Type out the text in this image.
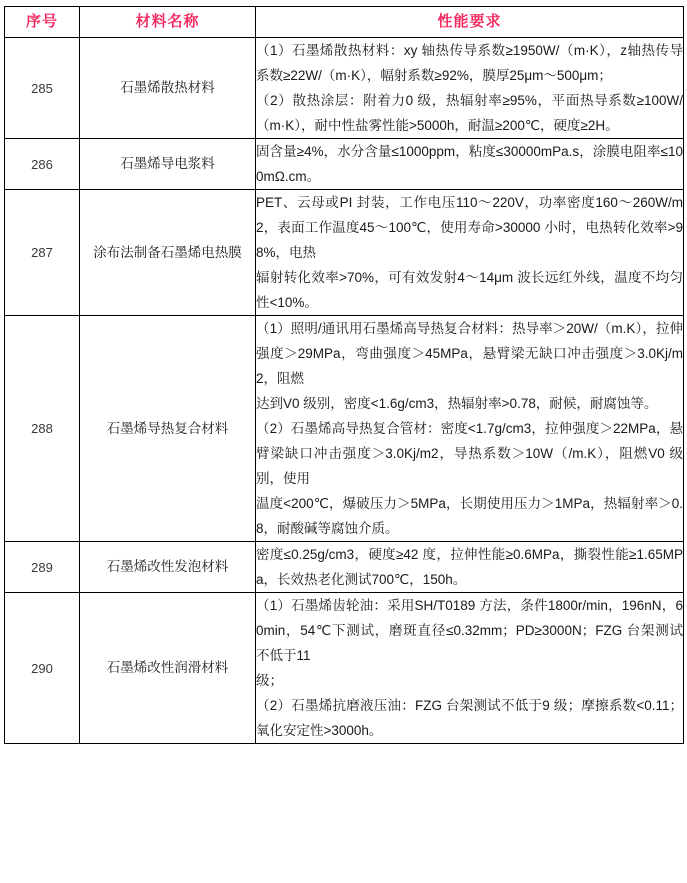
序号	材料名称	性能要求
285	石墨烯散热材料	（1）石墨烯散热材料：xy 轴热传导系数≥1950W/（m·K），z轴热传导系数≥22W/（m·K），幅射系数≥92%，膜厚25μm～500μm；

（2）散热涂层：附着力0 级，热辐射率≥95%，平面热导系数≥100W/（m·K），耐中性盐雾性能>5000h，耐温≥200℃，硬度≥2H。

286	石墨烯导电浆料	固含量≥4%，水分含量≤1000ppm，粘度≤30000mPa.s，涂膜电阻率≤100mΩ.cm。

287	涂布法制备石墨烯电热膜	PET、云母或PI 封装，工作电压110～220V，功率密度160～260W/m2，表面工作温度45～100℃，使用寿命>30000 小时，电热转化效率>98%，电热

辐射转化效率>70%，可有效发射4～14μm 波长远红外线，温度不均匀性<10%。

288	石墨烯导热复合材料	（1）照明/通讯用石墨烯高导热复合材料：热导率＞20W/（m.K），拉伸强度＞29MPa，弯曲强度＞45MPa，悬臂梁无缺口冲击强度＞3.0Kj/m2，阻燃

达到V0 级别，密度<1.6g/cm3，热辐射率>0.78，耐候，耐腐蚀等。

（2）石墨烯高导热复合管材：密度<1.7g/cm3，拉伸强度＞22MPa，悬臂梁缺口冲击强度＞3.0Kj/m2，导热系数＞10W（/m.K），阻燃V0 级别，使用

温度<200℃，爆破压力＞5MPa，长期使用压力＞1MPa，热辐射率＞0.8，耐酸碱等腐蚀介质。

289	石墨烯改性发泡材料	密度≤0.25g/cm3，硬度≥42 度，拉伸性能≥0.6MPa，撕裂性能≥1.65MPa，长效热老化测试700℃，150h。

290	石墨烯改性润滑材料	（1）石墨烯齿轮油：采用SH/T0189 方法，条件1800r/min，196nN，60min，54℃下测试，磨斑直径≤0.32mm；PD≥3000N；FZG 台架测试不低于11

级；

（2）石墨烯抗磨液压油：FZG 台架测试不低于9 级；摩擦系数<0.11；氧化安定性>3000h。
